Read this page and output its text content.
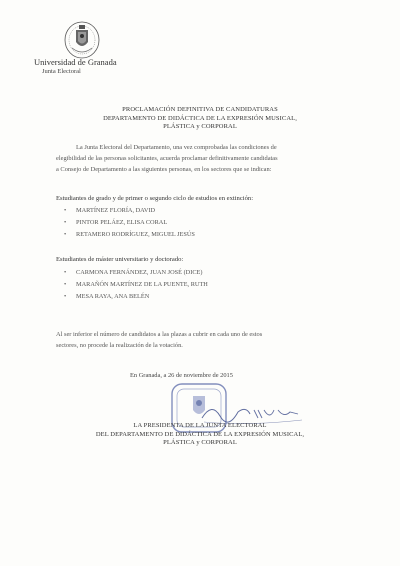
Universidad de Granada
Junta Electoral
PROCLAMACIÓN DEFINITIVA DE CANDIDATURAS
DEPARTAMENTO DE DIDÁCTICA DE LA EXPRESIÓN MUSICAL,
PLÁSTICA y CORPORAL
La Junta Electoral del Departamento, una vez comprobadas las condiciones de
elegibilidad de las personas solicitantes, acuerda proclamar definitivamente candidatas
a Consejo de Departamento a las siguientes personas, en los sectores que se indican:
Estudiantes de grado y de primer o segundo ciclo de estudios en extinción:
• MARTÍNEZ FLORÍA, DAVID
• PINTOR PELÁEZ, ELISA CORAL
• RETAMERO RODRÍGUEZ, MIGUEL JESÚS
Estudiantes de máster universitario y doctorado:
• CARMONA FERNÁNDEZ, JUAN JOSÉ (DICE)
• MARAÑÓN MARTÍNEZ DE LA PUENTE, RUTH
• MESA RAYA, ANA BELÉN
Al ser inferior el número de candidatos a las plazas a cubrir en cada uno de estos
sectores, no procede la realización de la votación.
En Granada, a 26 de noviembre de 2015
LA PRESIDENTA DE LA JUNTA ELECTORAL
DEL DEPARTAMENTO DE DIDÁCTICA DE LA EXPRESIÓN MUSICAL,
PLÁSTICA y CORPORAL
